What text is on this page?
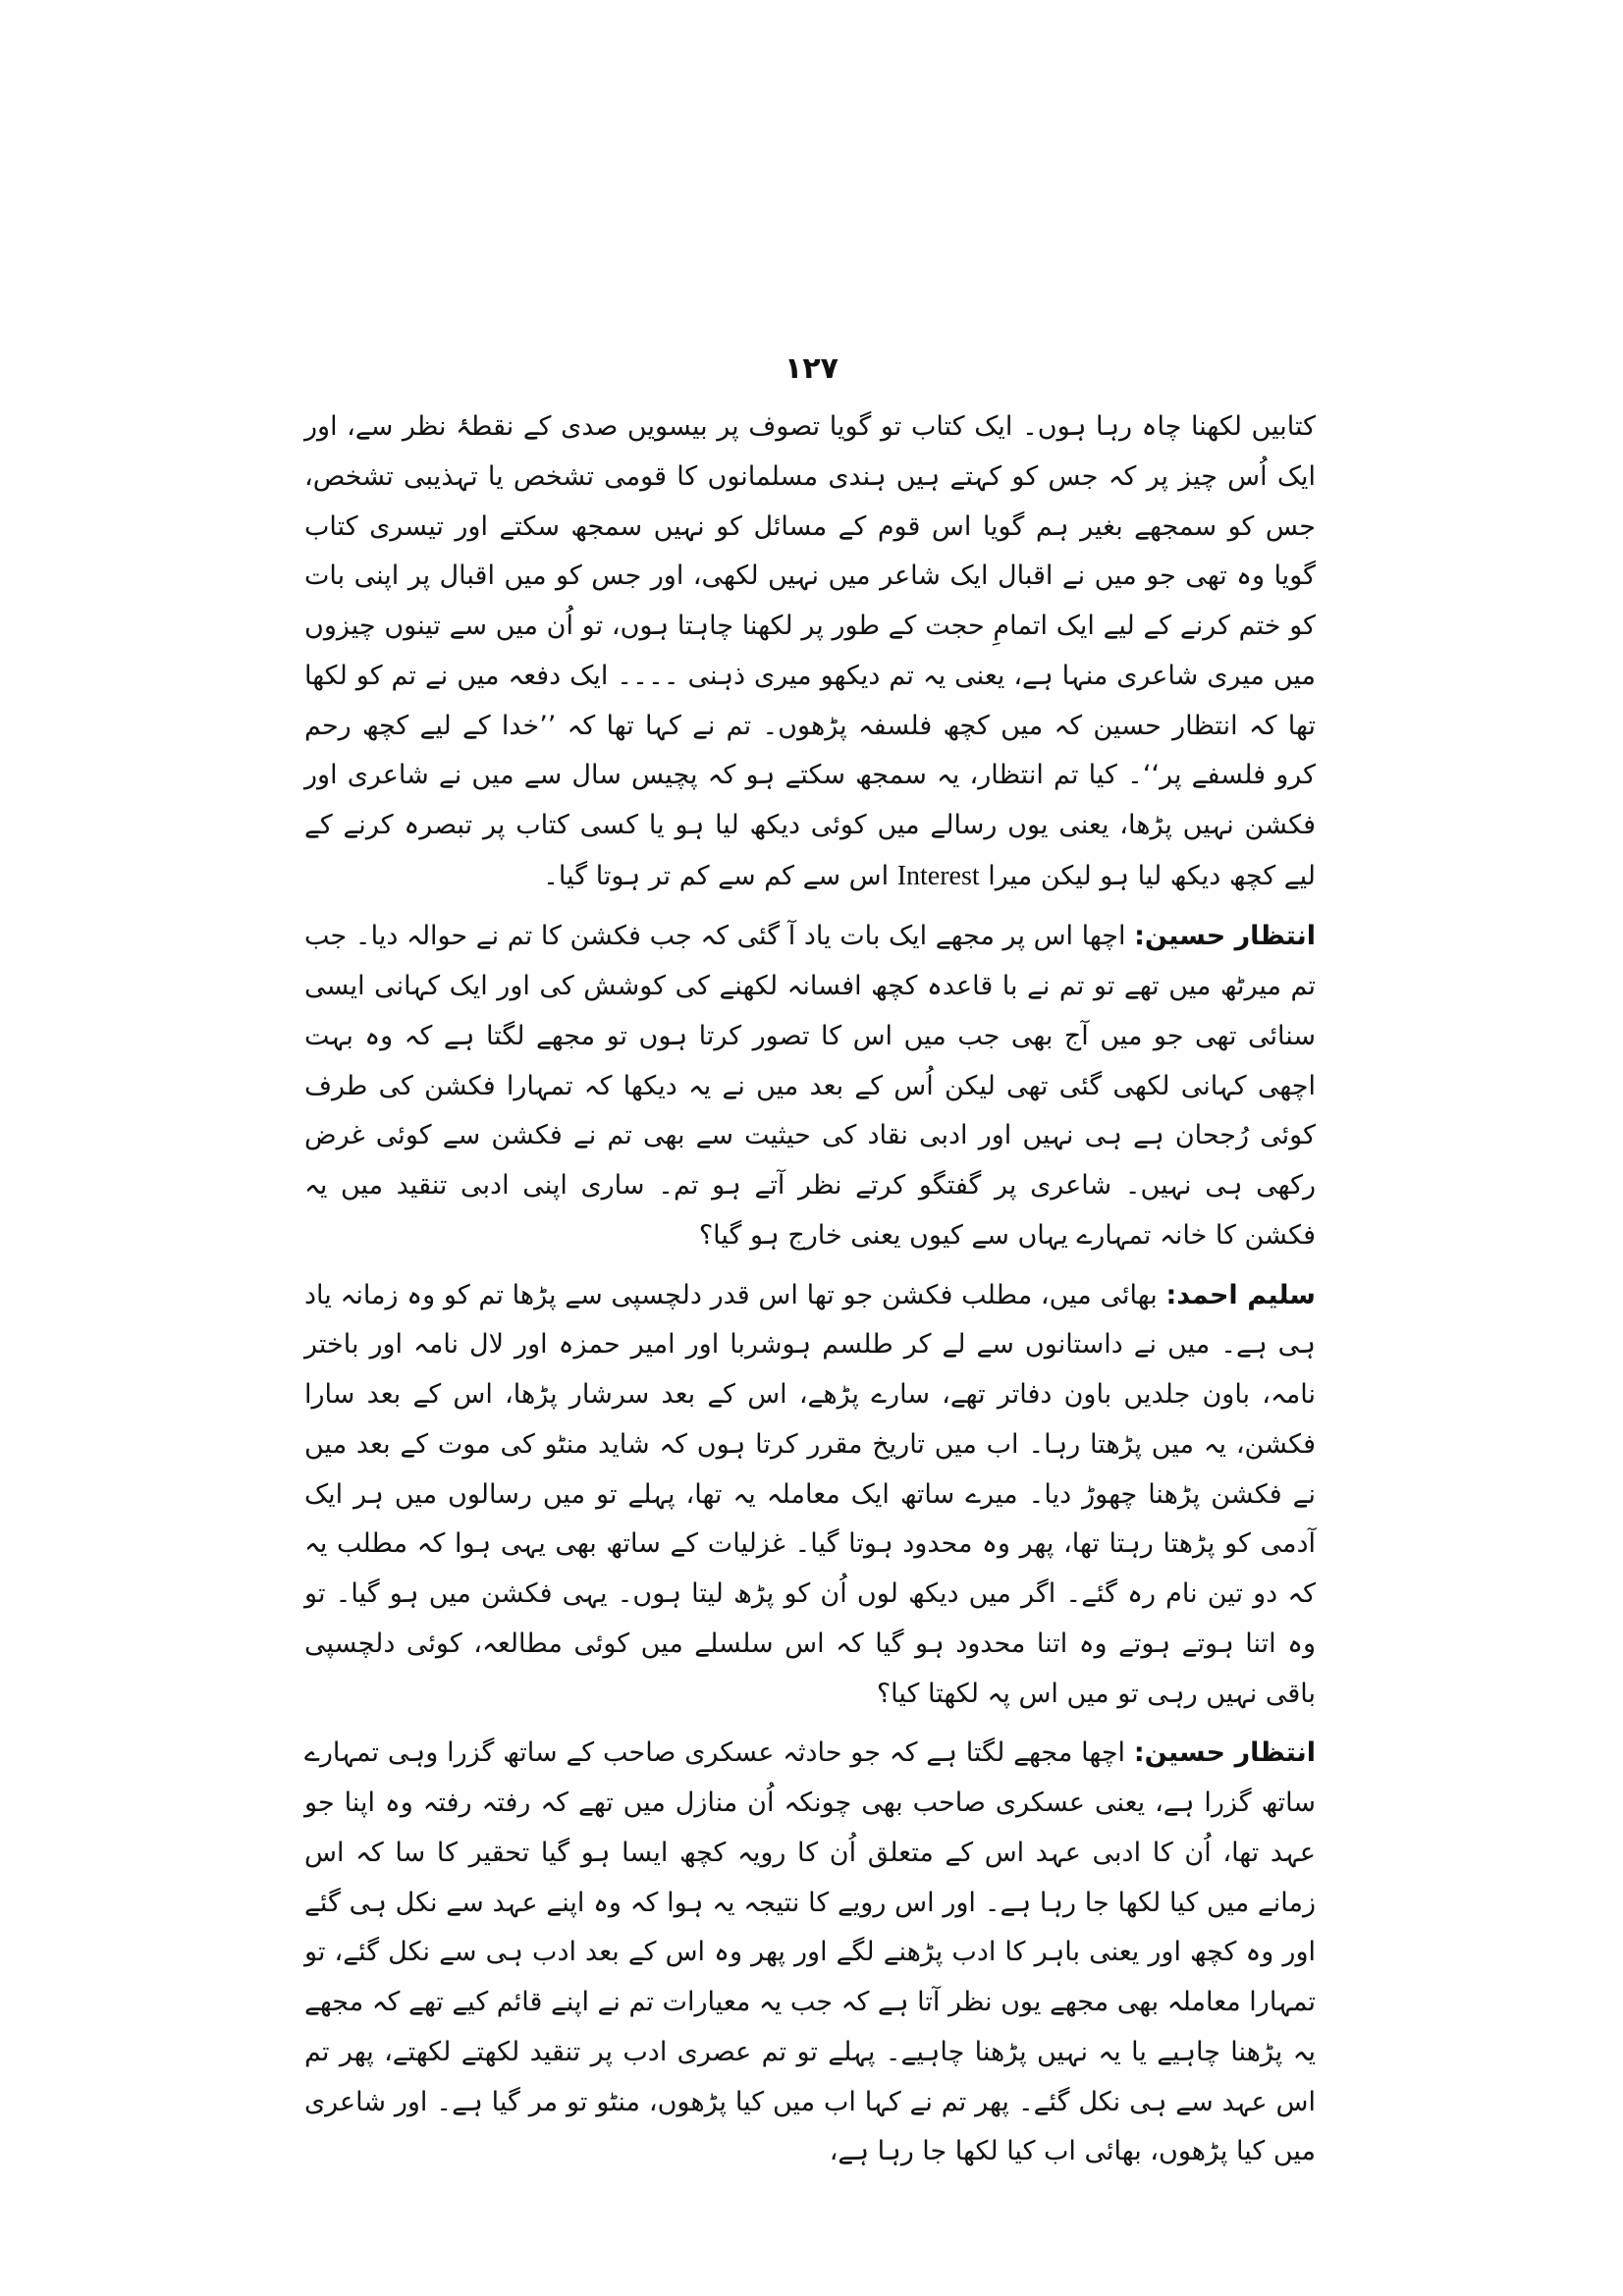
۱۲۷

کتابیں لکھنا چاہ رہا ہوں۔ ایک کتاب تو گویا تصوف پر بیسویں صدی کے نقطۂ نظر سے، اور ایک اُس چیز پر کہ جس کو کہتے ہیں ہندی مسلمانوں کا قومی تشخص یا تہذیبی تشخص، جس کو سمجھے بغیر ہم گویا اس قوم کے مسائل کو نہیں سمجھ سکتے اور تیسری کتاب گویا وہ تھی جو میں نے اقبال ایک شاعر میں نہیں لکھی، اور جس کو میں اقبال پر اپنی بات کو ختم کرنے کے لیے ایک اتمامِ حجت کے طور پر لکھنا چاہتا ہوں، تو اُن میں سے تینوں چیزوں میں میری شاعری منہا ہے، یعنی یہ تم دیکھو میری ذہنی ۔۔۔۔ ایک دفعہ میں نے تم کو لکھا تھا کہ انتظار حسین کہ میں کچھ فلسفہ پڑھوں۔ تم نے کہا تھا کہ ’’خدا کے لیے کچھ رحم کرو فلسفے پر‘‘۔ کیا تم انتظار، یہ سمجھ سکتے ہو کہ پچیس سال سے میں نے شاعری اور فکشن نہیں پڑھا، یعنی یوں رسالے میں کوئی دیکھ لیا ہو یا کسی کتاب پر تبصرہ کرنے کے لیے کچھ دیکھ لیا ہو لیکن میرا Interest اس سے کم سے کم تر ہوتا گیا۔

انتظار حسین: اچھا اس پر مجھے ایک بات یاد آ گئی کہ جب فکشن کا تم نے حوالہ دیا۔ جب تم میرٹھ میں تھے تو تم نے با قاعدہ کچھ افسانہ لکھنے کی کوشش کی اور ایک کہانی ایسی سنائی تھی جو میں آج بھی جب میں اس کا تصور کرتا ہوں تو مجھے لگتا ہے کہ وہ بہت اچھی کہانی لکھی گئی تھی لیکن اُس کے بعد میں نے یہ دیکھا کہ تمہارا فکشن کی طرف کوئی رُجحان ہے ہی نہیں اور ادبی نقاد کی حیثیت سے بھی تم نے فکشن سے کوئی غرض رکھی ہی نہیں۔ شاعری پر گفتگو کرتے نظر آتے ہو تم۔ ساری اپنی ادبی تنقید میں یہ فکشن کا خانہ تمہارے یہاں سے کیوں یعنی خارج ہو گیا؟

سلیم احمد: بھائی میں، مطلب فکشن جو تھا اس قدر دلچسپی سے پڑھا تم کو وہ زمانہ یاد ہی ہے۔ میں نے داستانوں سے لے کر طلسم ہوشربا اور امیر حمزہ اور لال نامہ اور باختر نامہ، باون جلدیں باون دفاتر تھے، سارے پڑھے، اس کے بعد سرشار پڑھا، اس کے بعد سارا فکشن، یہ میں پڑھتا رہا۔ اب میں تاریخ مقرر کرتا ہوں کہ شاید منٹو کی موت کے بعد میں نے فکشن پڑھنا چھوڑ دیا۔ میرے ساتھ ایک معاملہ یہ تھا، پہلے تو میں رسالوں میں ہر ایک آدمی کو پڑھتا رہتا تھا، پھر وہ محدود ہوتا گیا۔ غزلیات کے ساتھ بھی یہی ہوا کہ مطلب یہ کہ دو تین نام رہ گئے۔ اگر میں دیکھ لوں اُن کو پڑھ لیتا ہوں۔ یہی فکشن میں ہو گیا۔ تو وہ اتنا ہوتے ہوتے وہ اتنا محدود ہو گیا کہ اس سلسلے میں کوئی مطالعہ، کوئی دلچسپی باقی نہیں رہی تو میں اس پہ لکھتا کیا؟

انتظار حسین: اچھا مجھے لگتا ہے کہ جو حادثہ عسکری صاحب کے ساتھ گزرا وہی تمہارے ساتھ گزرا ہے، یعنی عسکری صاحب بھی چونکہ اُن منازل میں تھے کہ رفتہ رفتہ وہ اپنا جو عہد تھا، اُن کا ادبی عہد اس کے متعلق اُن کا رویہ کچھ ایسا ہو گیا تحقیر کا سا کہ اس زمانے میں کیا لکھا جا رہا ہے۔ اور اس رویے کا نتیجہ یہ ہوا کہ وہ اپنے عہد سے نکل ہی گئے اور وہ کچھ اور یعنی باہر کا ادب پڑھنے لگے اور پھر وہ اس کے بعد ادب ہی سے نکل گئے، تو تمہارا معاملہ بھی مجھے یوں نظر آتا ہے کہ جب یہ معیارات تم نے اپنے قائم کیے تھے کہ مجھے یہ پڑھنا چاہیے یا یہ نہیں پڑھنا چاہیے۔ پہلے تو تم عصری ادب پر تنقید لکھتے لکھتے، پھر تم اس عہد سے ہی نکل گئے۔ پھر تم نے کہا اب میں کیا پڑھوں، منٹو تو مر گیا ہے۔ اور شاعری میں کیا پڑھوں، بھائی اب کیا لکھا جا رہا ہے،
